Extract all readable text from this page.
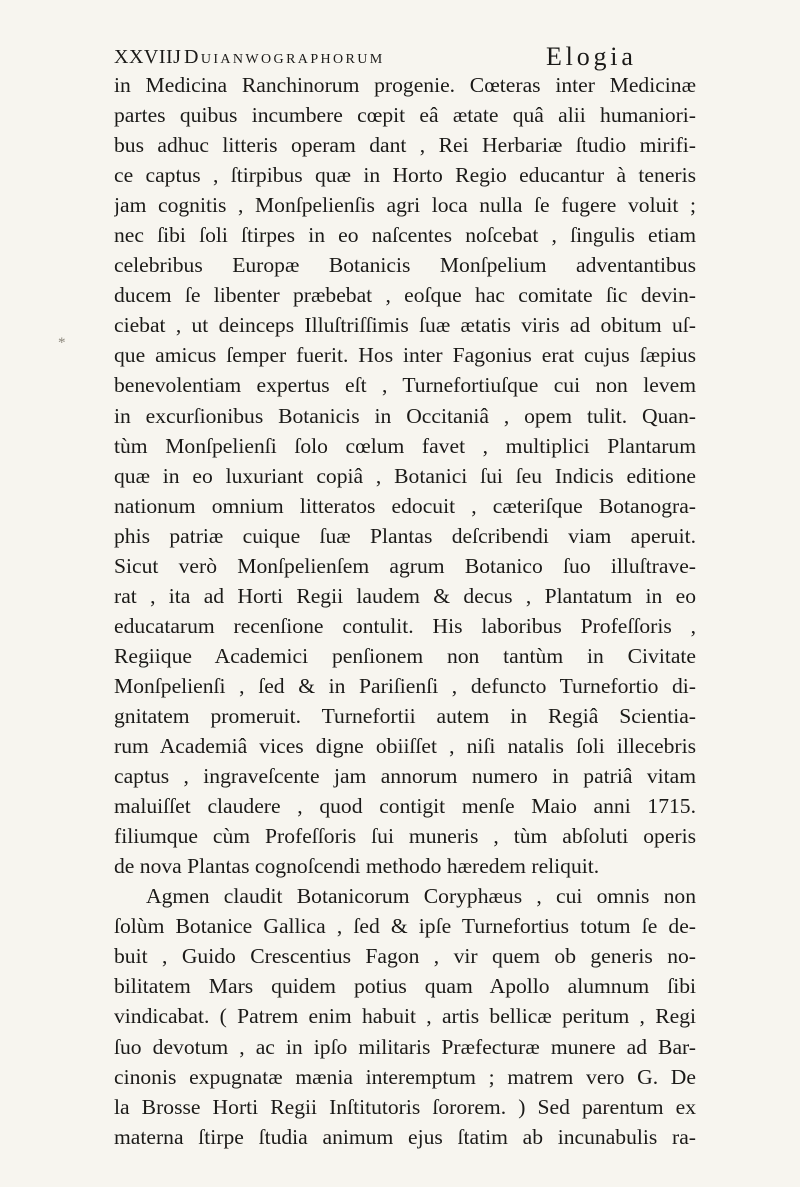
XXVIIJ Duianwographorum	Elogia
in Medicina Ranchinorum progenie. Cœteras inter Medicinæ
partes quibus incumbere cœpit eâ ætate quâ alii humaniori-
bus adhuc litteris operam dant , Rei Herbariæ ſtudio mirifi-
ce captus , ſtirpibus quæ in Horto Regio educantur à teneris
jam cognitis , Monſpelienſis agri loca nulla ſe fugere voluit ;
nec ſibi ſoli ſtirpes in eo naſcentes noſcebat , ſingulis etiam
celebribus Europæ Botanicis Monſpelium adventantibus
ducem ſe libenter præbebat , eoſque hac comitate ſic devin-
ciebat , ut deinceps Illuſtriſſimis ſuæ ætatis viris ad obitum uſ-
que amicus ſemper fuerit. Hos inter Fagonius erat cujus ſæpius
benevolentiam expertus eſt , Turnefortiuſque cui non levem
in excurſionibus Botanicis in Occitaniâ , opem tulit. Quan-
tùm Monſpelienſi ſolo cœlum favet , multiplici Plantarum
quæ in eo luxuriant copiâ , Botanici ſui ſeu Indicis editione
nationum omnium litteratos edocuit , cæteriſque Botanogra-
phis patriæ cuique ſuæ Plantas deſcribendi viam aperuit.
Sicut verò Monſpelienſem agrum Botanico ſuo illuſtrave-
rat , ita ad Horti Regii laudem & decus , Plantatum in eo
educatarum recenſione contulit. His laboribus Profeſſoris ,
Regiique Academici penſionem non tantùm in Civitate
Monſpelienſi , ſed & in Pariſienſi , defuncto Turnefortio di-
gnitatem promeruit. Turnefortii autem in Regiâ Scientia-
rum Academiâ vices digne obiiſſet , niſi natalis ſoli illecebris
captus , ingraveſcente jam annorum numero in patriâ vitam
maluiſſet claudere , quod contigit menſe Maio anni 1715.
filiumque cùm Profeſſoris ſui muneris , tùm abſoluti operis
de nova Plantas cognoſcendi methodo hæredem reliquit.
Agmen claudit Botanicorum Coryphæus , cui omnis non
ſolùm Botanice Gallica , ſed & ipſe Turnefortius totum ſe de-
buit , Guido Crescentius Fagon , vir quem ob generis no-
bilitatem Mars quidem potius quam Apollo alumnum ſibi
vindicabat. ( Patrem enim habuit , artis bellicæ peritum , Regi
ſuo devotum , ac in ipſo militaris Præfecturæ munere ad Bar-
cinonis expugnatæ mænia interemptum ; matrem vero G. De
la Brosse Horti Regii Inſtitutoris ſororem. ) Sed parentum ex
materna ſtirpe ſtudia animum ejus ſtatim ab incunabulis ra-
*
